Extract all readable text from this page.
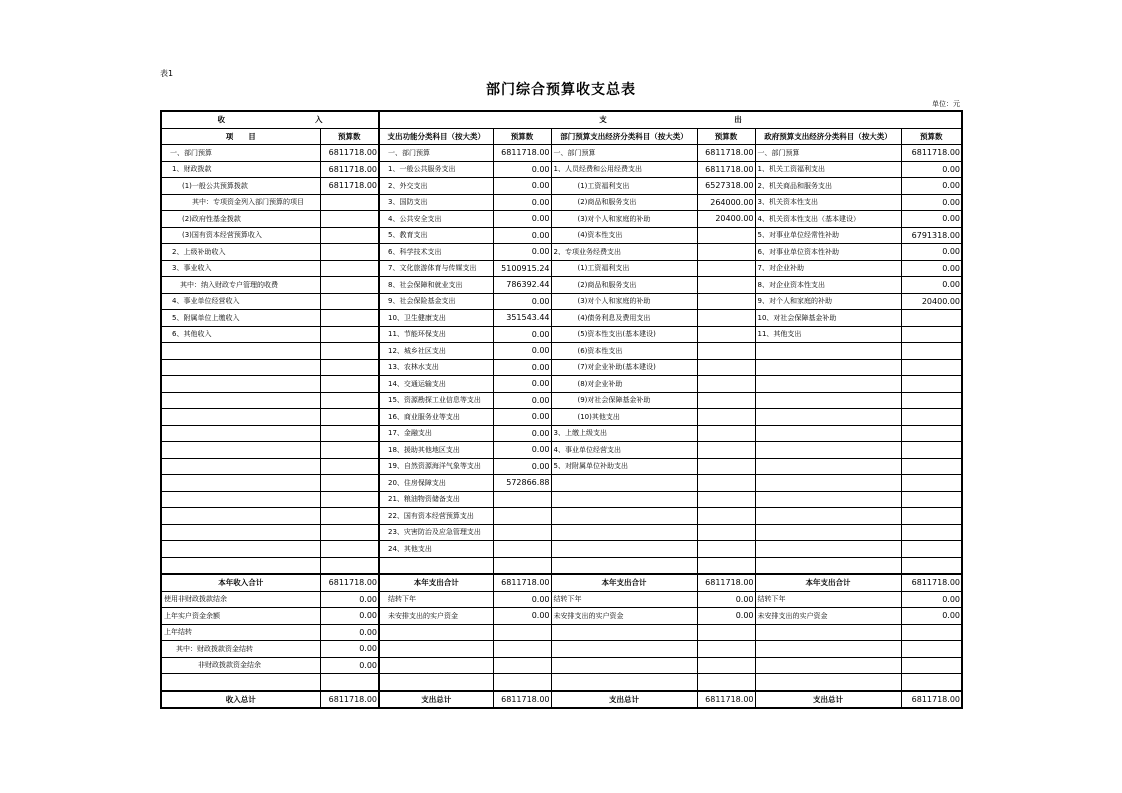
表1
部门综合预算收支总表
单位：元
收　　　　　　　　　　　　入		支　　　　　　　　　　　　　　　　　出					
项　　目	预算数	支出功能分类科目（按大类）	预算数	部门预算支出经济分类科目（按大类）	预算数	政府预算支出经济分类科目（按大类）	预算数
一、部门预算	6811718.00	一、部门预算	6811718.00	一、部门预算	6811718.00	一、部门预算	6811718.00
1、财政拨款	6811718.00	1、一般公共服务支出	0.00	1、人员经费和公用经费支出	6811718.00	1、机关工资福利支出	0.00
(1)一般公共预算拨款	6811718.00	2、外交支出	0.00	(1)工资福利支出	6527318.00	2、机关商品和服务支出	0.00
其中：专项资金列入部门预算的项目		3、国防支出	0.00	(2)商品和服务支出	264000.00	3、机关资本性支出	0.00
(2)政府性基金拨款		4、公共安全支出	0.00	(3)对个人和家庭的补助	20400.00	4、机关资本性支出（基本建设）	0.00
(3)国有资本经营预算收入		5、教育支出	0.00	(4)资本性支出		5、对事业单位经常性补助	6791318.00
2、上级补助收入		6、科学技术支出	0.00	2、专项业务经费支出		6、对事业单位资本性补助	0.00
3、事业收入		7、文化旅游体育与传媒支出	5100915.24	(1)工资福利支出		7、对企业补助	0.00
其中：纳入财政专户管理的收费		8、社会保障和就业支出	786392.44	(2)商品和服务支出		8、对企业资本性支出	0.00
4、事业单位经营收入		9、社会保险基金支出	0.00	(3)对个人和家庭的补助		9、对个人和家庭的补助	20400.00
5、附属单位上缴收入		10、卫生健康支出	351543.44	(4)债务利息及费用支出		10、对社会保障基金补助	
6、其他收入		11、节能环保支出	0.00	(5)资本性支出(基本建设)		11、其他支出	
		12、城乡社区支出	0.00	(6)资本性支出			
		13、农林水支出	0.00	(7)对企业补助(基本建设)			
		14、交通运输支出	0.00	(8)对企业补助			
		15、资源勘探工业信息等支出	0.00	(9)对社会保障基金补助			
		16、商业服务业等支出	0.00	(10)其他支出			
		17、金融支出	0.00	3、上缴上级支出			
		18、援助其他地区支出	0.00	4、事业单位经营支出			
		19、自然资源海洋气象等支出	0.00	5、对附属单位补助支出			
		20、住房保障支出	572866.88				
		21、粮油物资储备支出					
		22、国有资本经营预算支出					
		23、灾害防治及应急管理支出					
		24、其他支出					

本年收入合计	6811718.00	本年支出合计	6811718.00	本年支出合计	6811718.00	本年支出合计	6811718.00
使用非财政拨款结余	0.00	结转下年	0.00	结转下年	0.00	结转下年	0.00
上年实户资金余额	0.00	未安排支出的实户资金	0.00	未安排支出的实户资金	0.00	未安排支出的实户资金	0.00
上年结转	0.00						
其中：财政拨款资金结转	0.00						
非财政拨款资金结余	0.00						

收入总计	6811718.00	支出总计	6811718.00	支出总计	6811718.00	支出总计	6811718.00
